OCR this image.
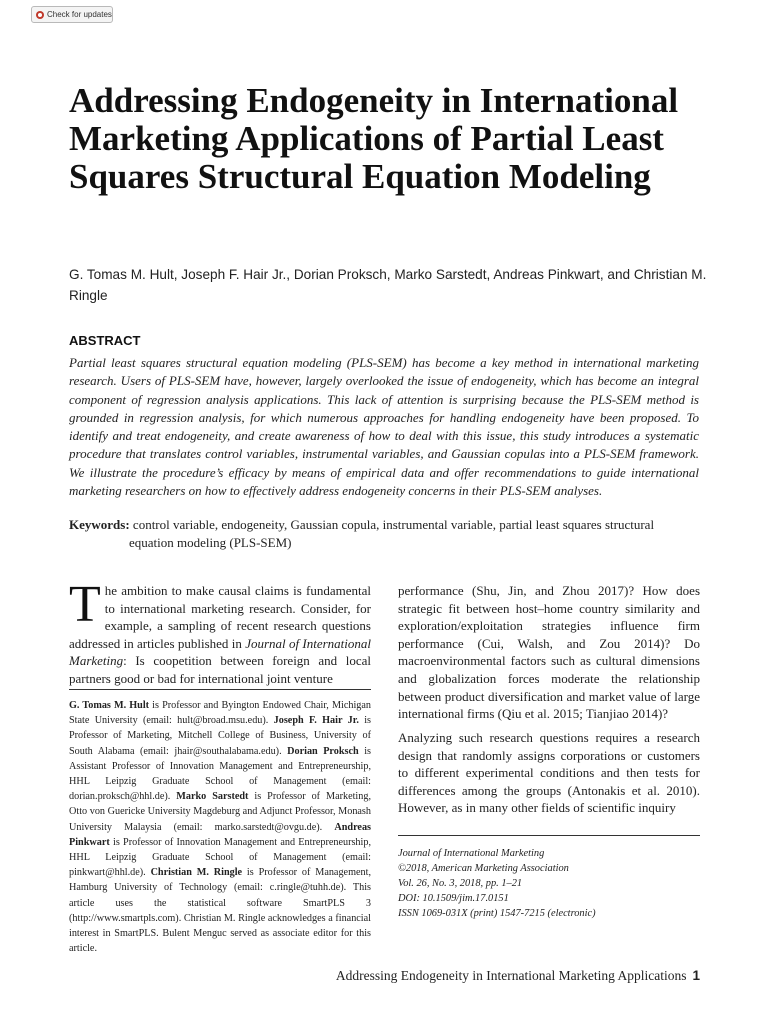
Check for updates
Addressing Endogeneity in International Marketing Applications of Partial Least Squares Structural Equation Modeling

G. Tomas M. Hult, Joseph F. Hair Jr., Dorian Proksch, Marko Sarstedt, Andreas Pinkwart, and Christian M. Ringle

ABSTRACT

Partial least squares structural equation modeling (PLS-SEM) has become a key method in international marketing research. Users of PLS-SEM have, however, largely overlooked the issue of endogeneity, which has become an integral component of regression analysis applications. This lack of attention is surprising because the PLS-SEM method is grounded in regression analysis, for which numerous approaches for handling endogeneity have been proposed. To identify and treat endogeneity, and create awareness of how to deal with this issue, this study introduces a systematic procedure that translates control variables, instrumental variables, and Gaussian copulas into a PLS-SEM framework. We illustrate the procedure’s efficacy by means of empirical data and offer recommendations to guide international marketing researchers on how to effectively address endogeneity concerns in their PLS-SEM analyses.

Keywords: control variable, endogeneity, Gaussian copula, instrumental variable, partial least squares structural equation modeling (PLS-SEM)

The ambition to make causal claims is fundamental to international marketing research. Consider, for example, a sampling of recent research questions addressed in articles published in Journal of International Marketing: Is coopetition between foreign and local partners good or bad for international joint venture

G. Tomas M. Hult is Professor and Byington Endowed Chair, Michigan State University (email: hult@broad.msu.edu). Joseph F. Hair Jr. is Professor of Marketing, Mitchell College of Business, University of South Alabama (email: jhair@southalabama.edu). Dorian Proksch is Assistant Professor of Innovation Management and Entrepreneurship, HHL Leipzig Graduate School of Management (email: dorian.proksch@hhl.de). Marko Sarstedt is Professor of Marketing, Otto von Guericke University Magdeburg and Adjunct Professor, Monash University Malaysia (email: marko.sarstedt@ovgu.de). Andreas Pinkwart is Professor of Innovation Management and Entrepreneurship, HHL Leipzig Graduate School of Management (email: pinkwart@hhl.de). Christian M. Ringle is Professor of Management, Hamburg University of Technology (email: c.ringle@tuhh.de). This article uses the statistical software SmartPLS 3 (http://www.smartpls.com). Christian M. Ringle acknowledges a financial interest in SmartPLS. Bulent Menguc served as associate editor for this article.

performance (Shu, Jin, and Zhou 2017)? How does strategic fit between host–home country similarity and exploration/exploitation strategies influence firm performance (Cui, Walsh, and Zou 2014)? Do macroenvironmental factors such as cultural dimensions and globalization forces moderate the relationship between product diversification and market value of large international firms (Qiu et al. 2015; Tianjiao 2014)?

Analyzing such research questions requires a research design that randomly assigns corporations or customers to different experimental conditions and then tests for differences among the groups (Antonakis et al. 2010). However, as in many other fields of scientific inquiry

Journal of International Marketing
©2018, American Marketing Association
Vol. 26, No. 3, 2018, pp. 1–21
DOI: 10.1509/jim.17.0151
ISSN 1069-031X (print) 1547-7215 (electronic)
Addressing Endogeneity in International Marketing Applications 1
